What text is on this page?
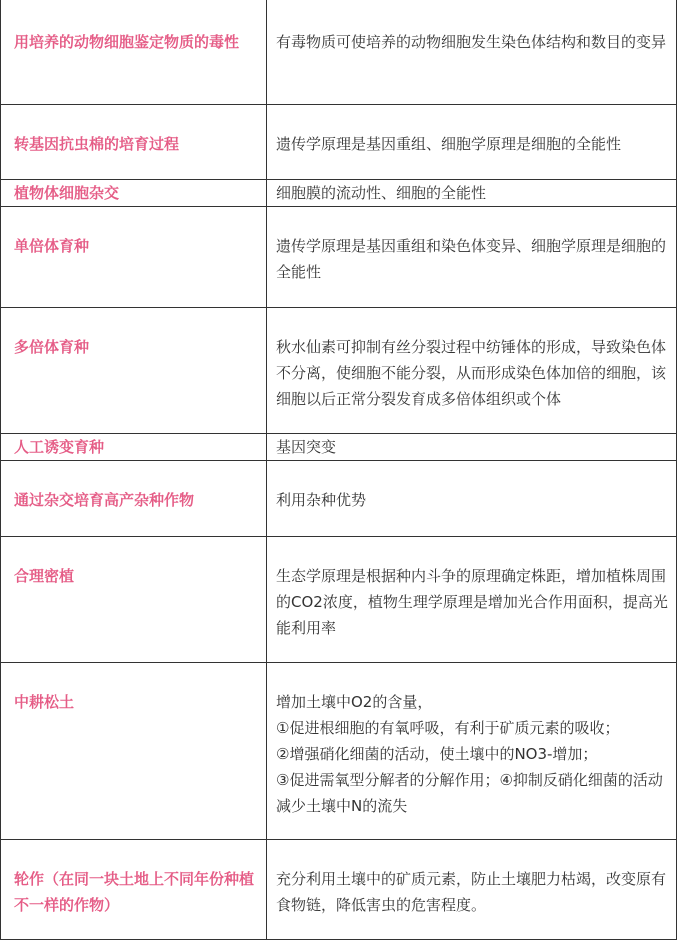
用培养的动物细胞鉴定物质的毒性	有毒物质可使培养的动物细胞发生染色体结构和数目的变异

转基因抗虫棉的培育过程	遗传学原理是基因重组、细胞学原理是细胞的全能性

植物体细胞杂交	细胞膜的流动性、细胞的全能性

单倍体育种	遗传学原理是基因重组和染色体变异、细胞学原理是细胞的全能性

多倍体育种	秋水仙素可抑制有丝分裂过程中纺锤体的形成，导致染色体不分离，使细胞不能分裂，从而形成染色体加倍的细胞，该细胞以后正常分裂发育成多倍体组织或个体

人工诱变育种	基因突变

通过杂交培育高产杂种作物	利用杂种优势

合理密植	生态学原理是根据种内斗争的原理确定株距，增加植株周围的CO2浓度，植物生理学原理是增加光合作用面积，提高光能利用率

中耕松土	增加土壤中O2的含量，
①促进根细胞的有氧呼吸，有利于矿质元素的吸收；
②增强硝化细菌的活动，使土壤中的NO3-增加；
③促进需氧型分解者的分解作用；④抑制反硝化细菌的活动减少土壤中N的流失

轮作（在同一块土地上不同年份种植不一样的作物）	充分利用土壤中的矿质元素，防止土壤肥力枯竭，改变原有食物链，降低害虫的危害程度。
